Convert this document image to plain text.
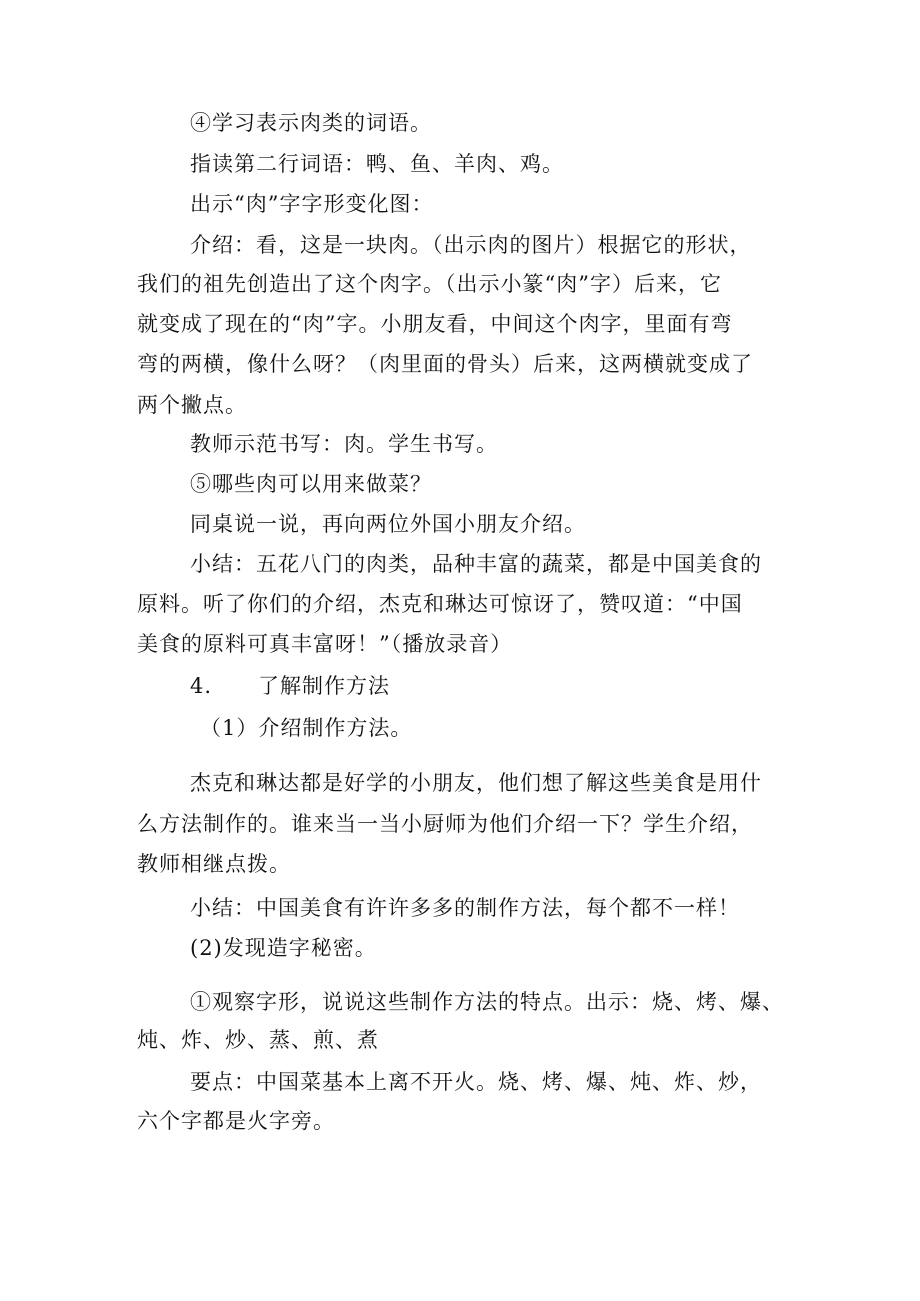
④学习表示肉类的词语。
指读第二行词语：鸭、鱼、羊肉、鸡。
出示“肉”字字形变化图：
介绍：看，这是一块肉。（出示肉的图片）根据它的形状，
我们的祖先创造出了这个肉字。（出示小篆“肉”字）后来，它
就变成了现在的“肉”字。小朋友看，中间这个肉字，里面有弯
弯的两横，像什么呀？（肉里面的骨头）后来，这两横就变成了
两个撇点。
教师示范书写：肉。学生书写。
⑤哪些肉可以用来做菜？
同桌说一说，再向两位外国小朋友介绍。
小结：五花八门的肉类，品种丰富的蔬菜，都是中国美食的
原料。听了你们的介绍，杰克和琳达可惊讶了，赞叹道：“中国
美食的原料可真丰富呀！”（播放录音）
4. 了解制作方法
（1）介绍制作方法。
杰克和琳达都是好学的小朋友，他们想了解这些美食是用什
么方法制作的。谁来当一当小厨师为他们介绍一下？学生介绍，
教师相继点拨。
小结：中国美食有许许多多的制作方法，每个都不一样！
(2)发现造字秘密。
①观察字形，说说这些制作方法的特点。出示：烧、烤、爆、
炖、炸、炒、蒸、煎、煮
要点：中国菜基本上离不开火。烧、烤、爆、炖、炸、炒，
六个字都是火字旁。
